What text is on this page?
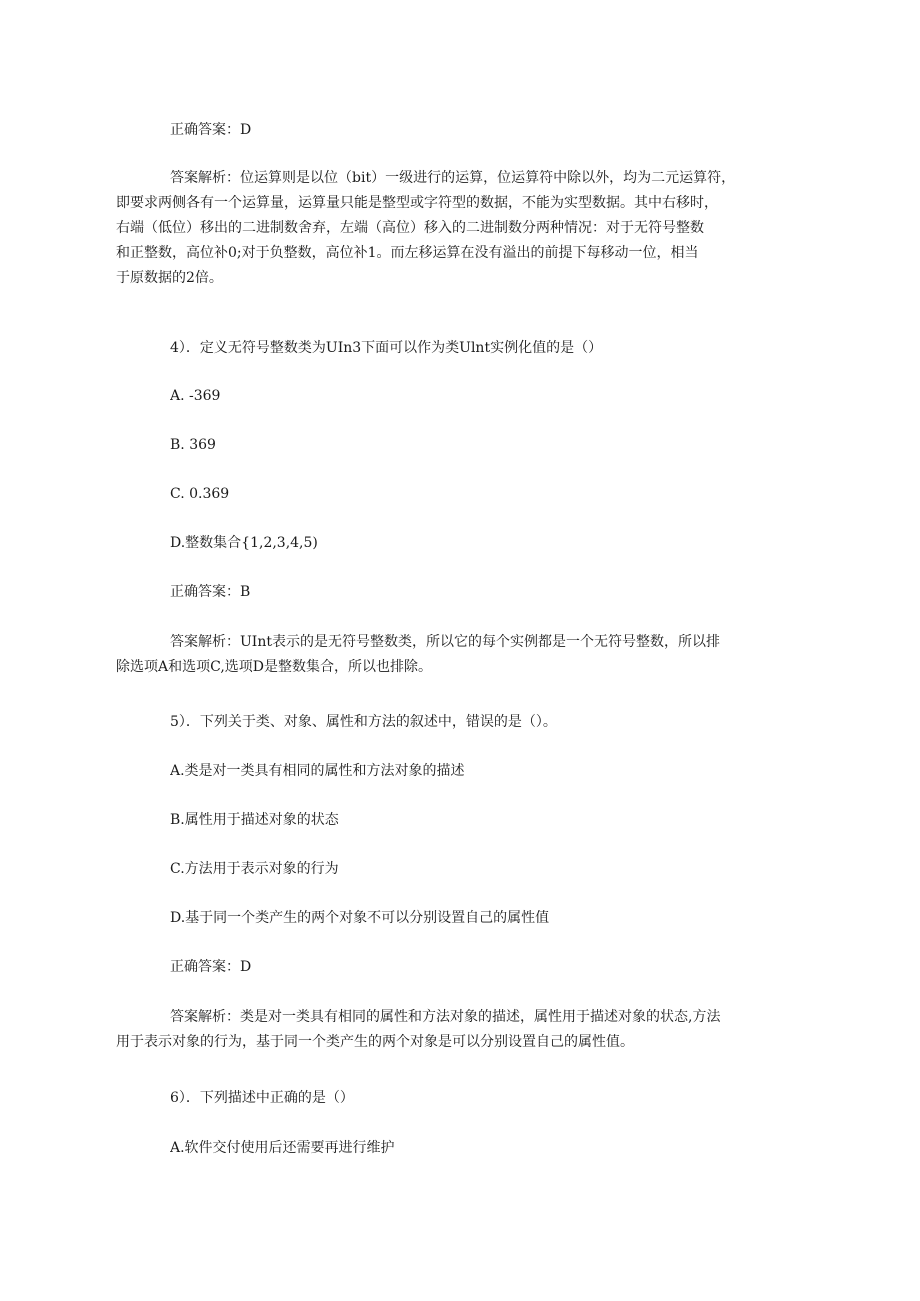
正确答案：D
答案解析：位运算则是以位（bit）一级进行的运算，位运算符中除以外，均为二元运算符，
即要求两侧各有一个运算量，运算量只能是整型或字符型的数据，不能为实型数据。其中右移时，
右端（低位）移出的二进制数舍弃，左端（高位）移入的二进制数分两种情况：对于无符号整数
和正整数，高位补0;对于负整数，高位补1。而左移运算在没有溢出的前提下每移动一位，相当
于原数据的2倍。
4）．定义无符号整数类为UIn3下面可以作为类Ulnt实例化值的是（）
A. -369
B. 369
C. 0.369
D.整数集合{1,2,3,4,5)
正确答案：B
答案解析：UInt表示的是无符号整数类，所以它的每个实例都是一个无符号整数，所以排
除选项A和选项C,选项D是整数集合，所以也排除。
5）．下列关于类、对象、属性和方法的叙述中，错误的是（）。
A.类是对一类具有相同的属性和方法对象的描述
B.属性用于描述对象的状态
C.方法用于表示对象的行为
D.基于同一个类产生的两个对象不可以分别设置自己的属性值
正确答案：D
答案解析：类是对一类具有相同的属性和方法对象的描述，属性用于描述对象的状态,方法
用于表示对象的行为，基于同一个类产生的两个对象是可以分别设置自己的属性值。
6）．下列描述中正确的是（）
A.软件交付使用后还需要再进行维护
